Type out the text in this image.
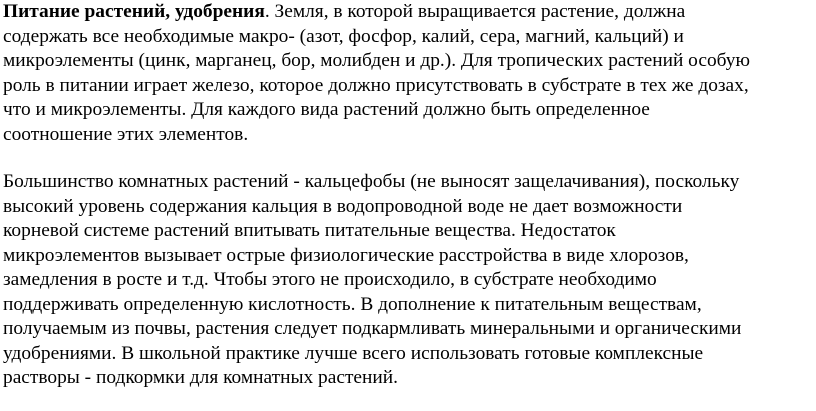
Питание растений, удобрения. Земля, в которой выращивается растение, должна
содержать все необходимые макро- (азот, фосфор, калий, сера, магний, кальций) и
микроэлементы (цинк, марганец, бор, молибден и др.). Для тропических растений особую
роль в питании играет железо, которое должно присутствовать в субстрате в тех же дозах,
что и микроэлементы. Для каждого вида растений должно быть определенное
соотношение этих элементов.

Большинство комнатных растений - кальцефобы (не выносят защелачивания), поскольку
высокий уровень содержания кальция в водопроводной воде не дает возможности
корневой системе растений впитывать питательные вещества. Недостаток
микроэлементов вызывает острые физиологические расстройства в виде хлорозов,
замедления в росте и т.д. Чтобы этого не происходило, в субстрате необходимо
поддерживать определенную кислотность. В дополнение к питательным веществам,
получаемым из почвы, растения следует подкармливать минеральными и органическими
удобрениями. В школьной практике лучше всего использовать готовые комплексные
растворы - подкормки для комнатных растений.
